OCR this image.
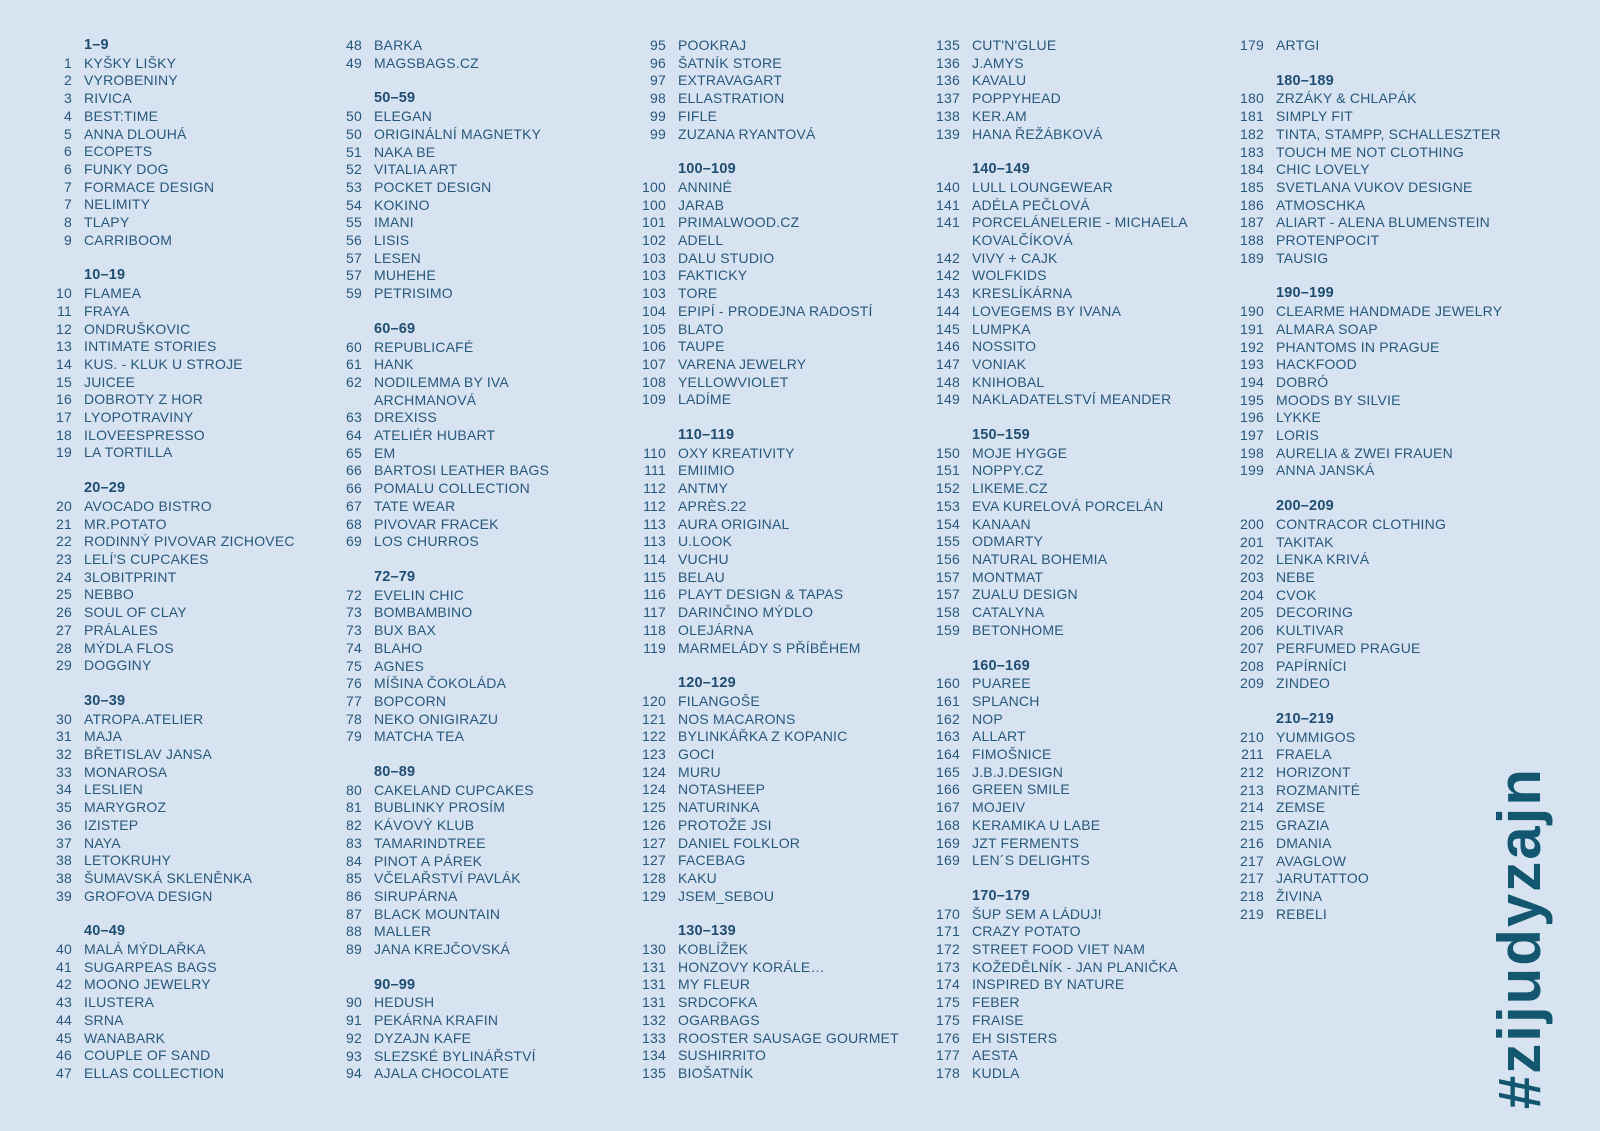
1–9
1 KYŠKY LIŠKY
2 VYROBENINY
3 RIVICA
4 BEST:TIME
5 ANNA DLOUHÁ
6 ECOPETS
6 FUNKY DOG
7 FORMACE DESIGN
7 NELIMITY
8 TLAPY
9 CARRIBOOM
10–19
10 FLAMEA
11 FRAYA
12 ONDRUŠKOVIC
13 INTIMATE STORIES
14 KUS. - KLUK U STROJE
15 JUICEE
16 DOBROTY Z HOR
17 LYOPOTRAVINY
18 ILOVEESPRESSO
19 LA TORTILLA
20–29
20 AVOCADO BISTRO
21 MR.POTATO
22 RODINNÝ PIVOVAR ZICHOVEC
23 LELÍ'S CUPCAKES
24 3LOBITPRINT
25 NEBBO
26 SOUL OF CLAY
27 PRÁLALES
28 MÝDLA FLOS
29 DOGGINY
30–39
30 ATROPA.ATELIER
31 MAJA
32 BŘETISLAV JANSA
33 MONAROSA
34 LESLIEN
35 MARYGROZ
36 IZISTEP
37 NAYA
38 LETOKRUHY
38 ŠUMAVSKÁ SKLENĚNKA
39 GROFOVA DESIGN
40–49
40 MALÁ MÝDLAŘKA
41 SUGARPEAS BAGS
42 MOONO JEWELRY
43 ILUSTERA
44 SRNA
45 WANABARK
46 COUPLE OF SAND
47 ELLAS COLLECTION
48 BARKA
49 MAGSBAGS.CZ
50–59
50 ELEGAN
50 ORIGINÁLNÍ MAGNETKY
51 NAKA BE
52 VITALIA ART
53 POCKET DESIGN
54 KOKINO
55 IMANI
56 LISIS
57 LESEN
57 MUHEHE
59 PETRISIMO
60–69
60 REPUBLICAFÉ
61 HANK
62 NODILEMMA BY IVA ARCHMANOVÁ
63 DREXISS
64 ATELIÉR HUBART
65 EM
66 BARTOSI LEATHER BAGS
66 POMALU COLLECTION
67 TATE WEAR
68 PIVOVAR FRACEK
69 LOS CHURROS
72–79
72 EVELIN CHIC
73 BOMBAMBINO
73 BUX BAX
74 BLAHO
75 AGNES
76 MÍŠINA ČOKOLÁDA
77 BOPCORN
78 NEKO ONIGIRAZU
79 MATCHA TEA
80–89
80 CAKELAND CUPCAKES
81 BUBLINKY PROSÍM
82 KÁVOVÝ KLUB
83 TAMARINDTREE
84 PINOT A PÁREK
85 VČELAŘSTVÍ PAVLÁK
86 SIRUPÁRNA
87 BLACK MOUNTAIN
88 MALLER
89 JANA KREJČOVSKÁ
90–99
90 HEDUSH
91 PEKÁRNA KRAFIN
92 DYZAJN KAFE
93 SLEZSKÉ BYLINÁŘSTVÍ
94 AJALA CHOCOLATE
95 POOKRAJ
96 ŠATNÍK STORE
97 EXTRAVAGART
98 ELLASTRATION
99 FIFLE
99 ZUZANA RYANTOVÁ
100–109
100 ANNINÉ
100 JARAB
101 PRIMALWOOD.CZ
102 ADELL
103 DALU STUDIO
103 FAKTICKY
103 TORE
104 EPIPÍ - PRODEJNA RADOSTÍ
105 BLATO
106 TAUPE
107 VARENA JEWELRY
108 YELLOWVIOLET
109 LADÍME
110–119
110 OXY KREATIVITY
111 EMIIMIO
112 ANTMY
112 APRÈS.22
113 AURA ORIGINAL
113 U.LOOK
114 VUCHU
115 BELAU
116 PLAYT DESIGN & TAPAS
117 DARINČINO MÝDLO
118 OLEJÁRNA
119 MARMELÁDY S PŘÍBĚHEM
120–129
120 FILANGOŠE
121 NOS MACARONS
122 BYLINKÁŘKA Z KOPANIC
123 GOCI
124 MURU
124 NOTASHEEP
125 NATURINKA
126 PROTOŽE JSI
127 DANIEL FOLKLOR
127 FACEBAG
128 KAKU
129 JSEM_SEBOU
130–139
130 KOBLÍŽEK
131 HONZOVY KORÁLE…
131 MY FLEUR
131 SRDCOFKA
132 OGARBAGS
133 ROOSTER SAUSAGE GOURMET
134 SUSHIRRITO
135 BIOŠATNÍK
135 CUT'N'GLUE
136 J.AMYS
136 KAVALU
137 POPPYHEAD
138 KER.AM
139 HANA ŘEŽÁBKOVÁ
140–149
140 LULL LOUNGEWEAR
141 ADÉLA PEČLOVÁ
141 PORCELÁNELERIE - MICHAELA KOVALČÍKOVÁ
142 VIVY + CAJK
142 WOLFKIDS
143 KRESLÍKÁRNA
144 LOVEGEMS BY IVANA
145 LUMPKA
146 NOSSITO
147 VONIAK
148 KNIHOBAL
149 NAKLADATELSTVÍ MEANDER
150–159
150 MOJE HYGGE
151 NOPPY.CZ
152 LIKEME.CZ
153 EVA KURELOVÁ PORCELÁN
154 KANAAN
155 ODMARTY
156 NATURAL BOHEMIA
157 MONTMAT
157 ZUALU DESIGN
158 CATALYNA
159 BETONHOME
160–169
160 PUAREE
161 SPLANCH
162 NOP
163 ALLART
164 FIMOŠNICE
165 J.B.J.DESIGN
166 GREEN SMILE
167 MOJEIV
168 KERAMIKA U LABE
169 JZT FERMENTS
169 LEN´S DELIGHTS
170–179
170 ŠUP SEM A LÁDUJ!
171 CRAZY POTATO
172 STREET FOOD VIET NAM
173 KOŽEDĚLNÍK - JAN PLANIČKA
174 INSPIRED BY NATURE
175 FEBER
175 FRAISE
176 EH SISTERS
177 AESTA
178 KUDLA
179 ARTGI
180–189
180 ZRZÁKY & CHLAPÁK
181 SIMPLY FIT
182 TINTA, STAMPP, SCHALLESZTER
183 TOUCH ME NOT CLOTHING
184 CHIC LOVELY
185 SVETLANA VUKOV DESIGNE
186 ATMOSCHKA
187 ALIART - ALENA BLUMENSTEIN
188 PROTENPOCIT
189 TAUSIG
190–199
190 CLEARME HANDMADE JEWELRY
191 ALMARA SOAP
192 PHANTOMS IN PRAGUE
193 HACKFOOD
194 DOBRÓ
195 MOODS BY SILVIE
196 LYKKE
197 LORIS
198 AURELIA & ZWEI FRAUEN
199 ANNA JANSKÁ
200–209
200 CONTRACOR CLOTHING
201 TAKITAK
202 LENKA KRIVÁ
203 NEBE
204 CVOK
205 DECORING
206 KULTIVAR
207 PERFUMED PRAGUE
208 PAPÍRNÍCI
209 ZINDEO
210–219
210 YUMMIGOS
211 FRAELA
212 HORIZONT
213 ROZMANITÉ
214 ZEMSE
215 GRAZIA
216 DMANIA
217 AVAGLOW
217 JARUTATTOO
218 ŽIVINA
219 REBELI	#zijudyzajn
